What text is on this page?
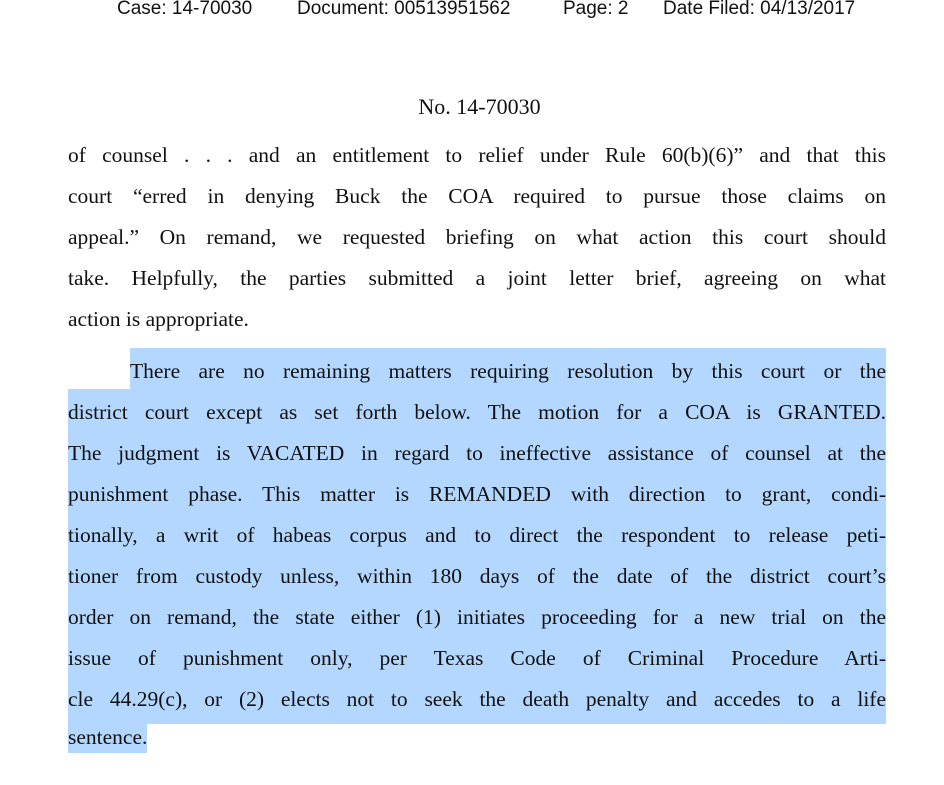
Case: 14-70030 Document: 00513951562	Page: 2 Date Filed: 04/13/2017
No. 14-70030
of counsel . . . and an entitlement to relief under Rule 60(b)(6)” and that this
court “erred in denying Buck the COA required to pursue those claims on
appeal.” On remand, we requested briefing on what action this court should
take. Helpfully, the parties submitted a joint letter brief, agreeing on what
action is appropriate.
There are no remaining matters requiring resolution by this court or the
district court except as set forth below. The motion for a COA is GRANTED.
The judgment is VACATED in regard to ineffective assistance of counsel at the
punishment phase. This matter is REMANDED with direction to grant, condi-
tionally, a writ of habeas corpus and to direct the respondent to release peti-
tioner from custody unless, within 180 days of the date of the district court’s
order on remand, the state either (1) initiates proceeding for a new trial on the
issue of punishment only, per Texas Code of Criminal Procedure Arti-
cle 44.29(c), or (2) elects not to seek the death penalty and accedes to a life
sentence.
